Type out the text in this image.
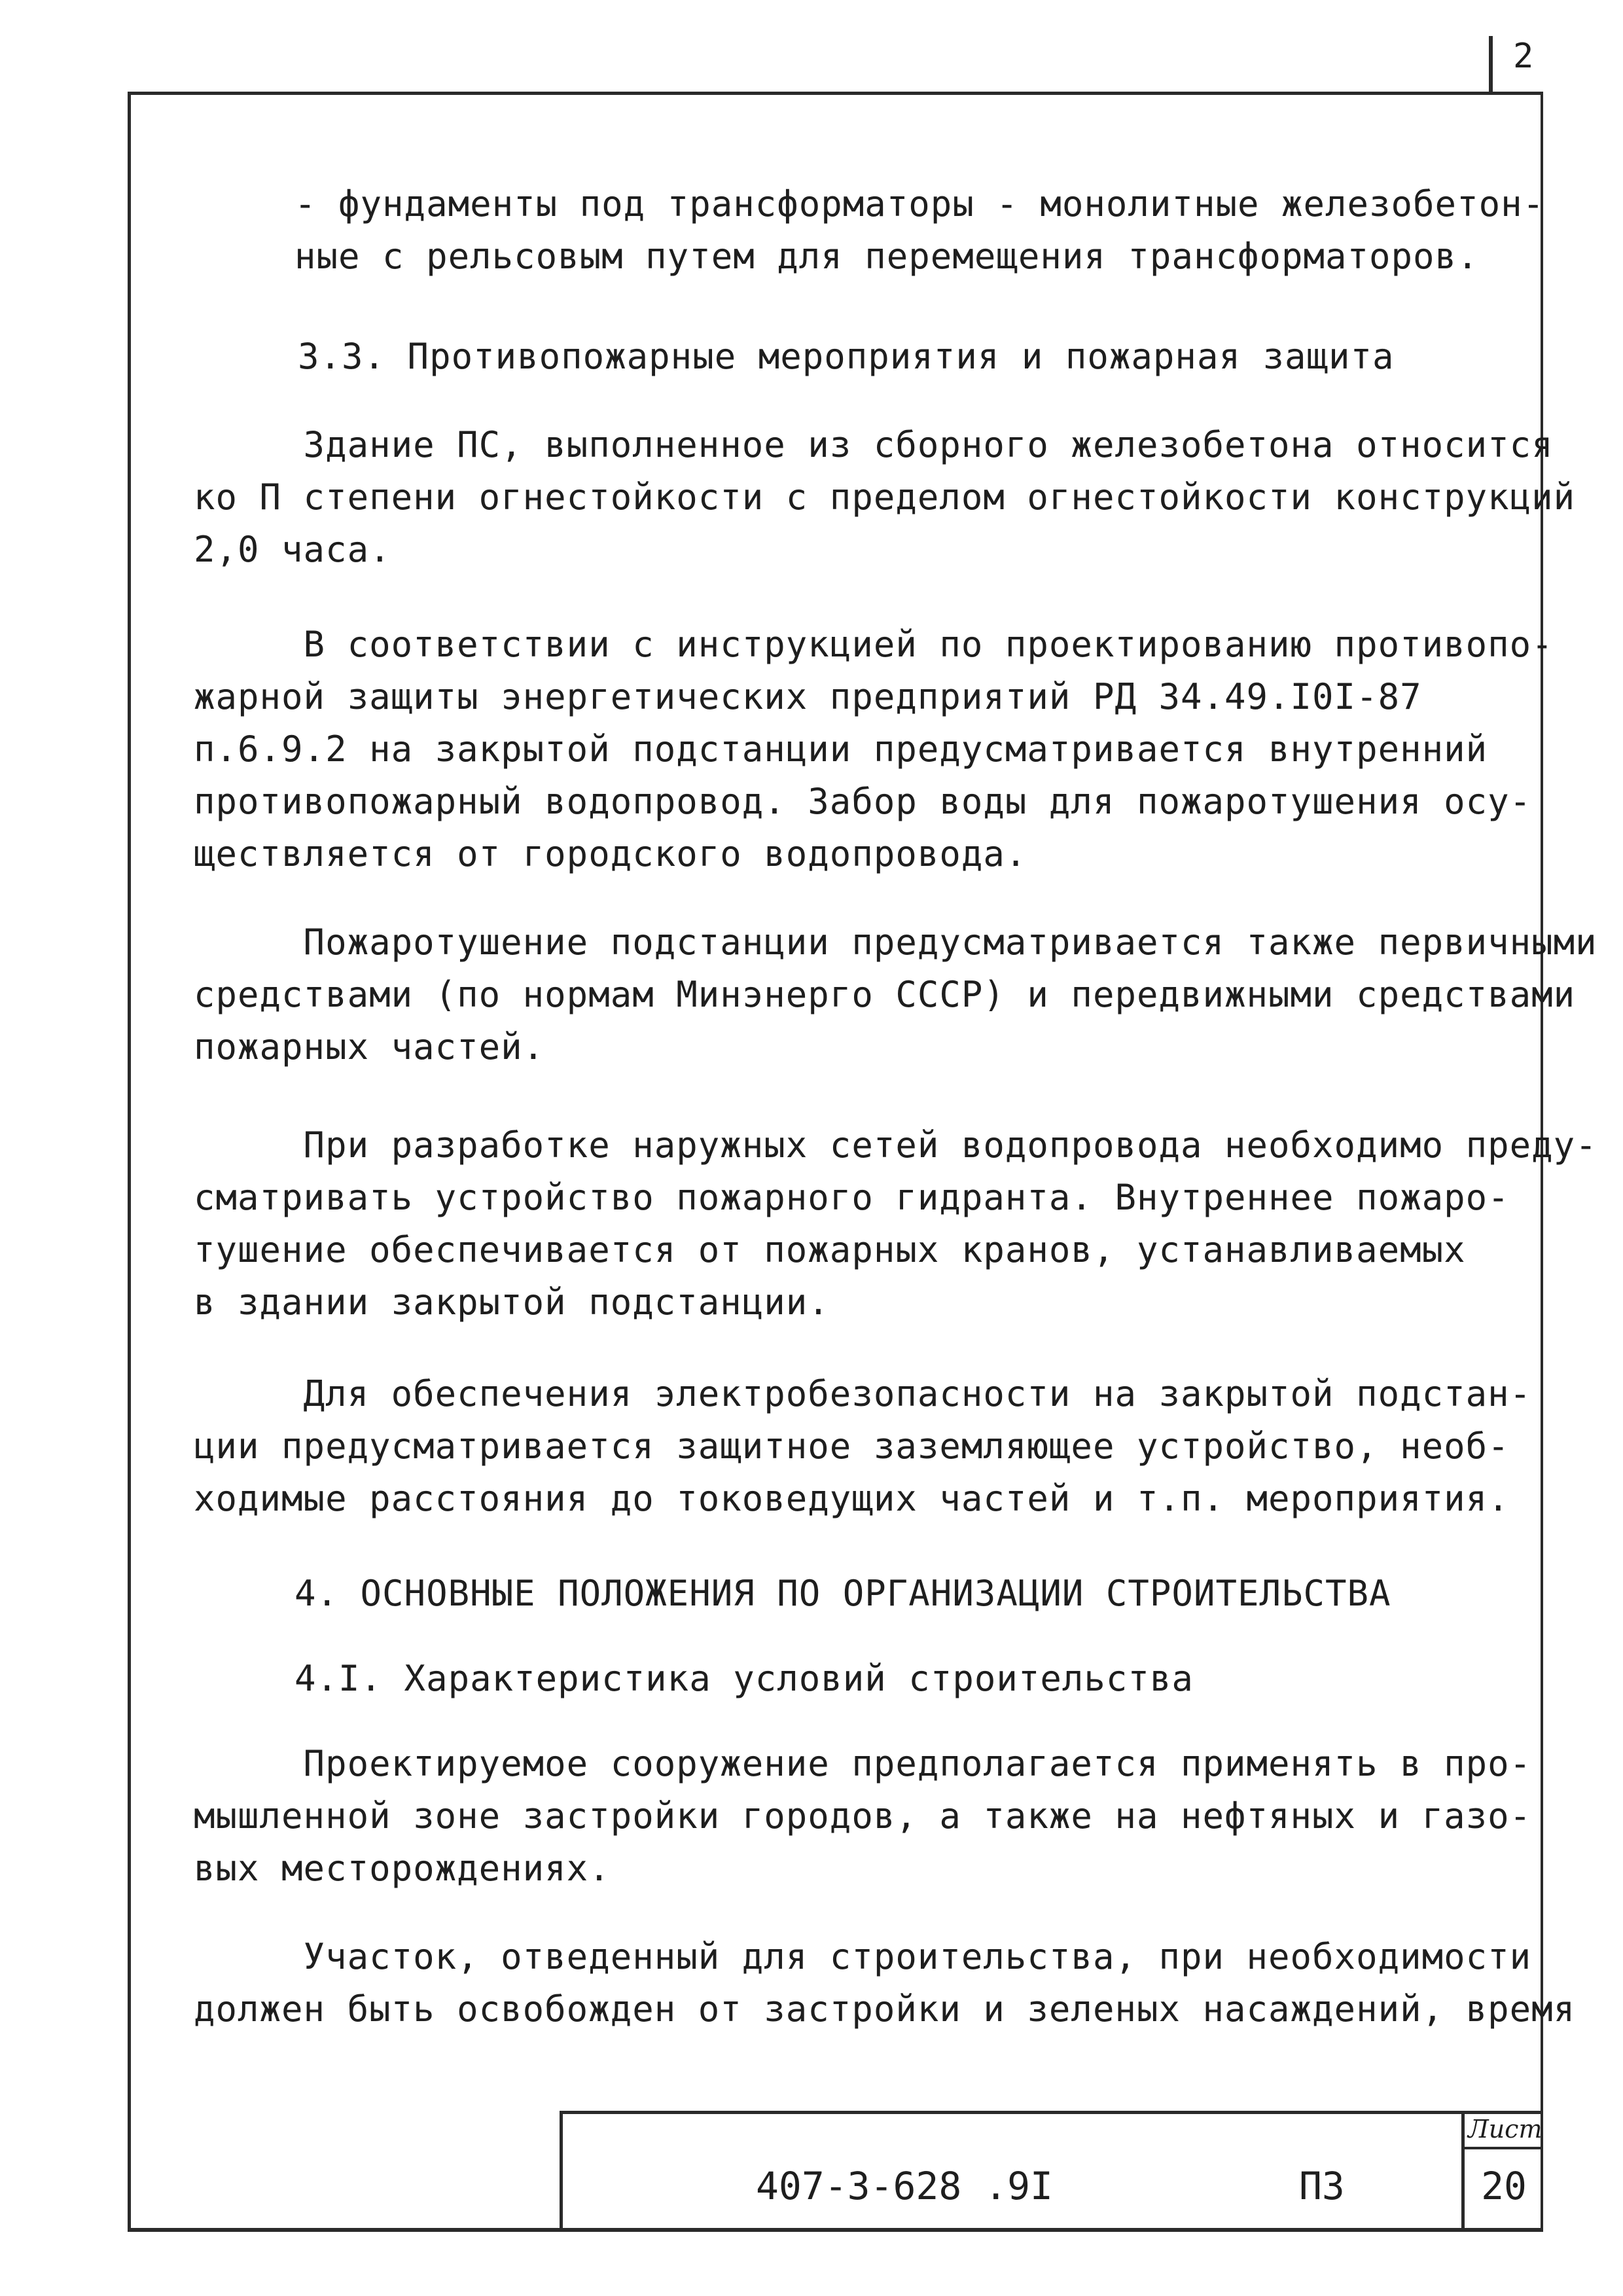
2
- фундаменты под трансформаторы - монолитные железобетон-
ные с рельсовым путем для перемещения трансформаторов.
3.3. Противопожарные мероприятия и пожарная защита
Здание ПС, выполненное из сборного железобетона относится
ко П степени огнестойкости с пределом огнестойкости конструкций
2,0 часа.
В соответствии с инструкцией по проектированию противопо-
жарной защиты энергетических предприятий РД 34.49.I0I-87
п.6.9.2 на закрытой подстанции предусматривается внутренний
противопожарный водопровод. Забор воды для пожаротушения осу-
ществляется от городского водопровода.
Пожаротушение подстанции предусматривается также первичными
средствами (по нормам Минэнерго СССР) и передвижными средствами
пожарных частей.
При разработке наружных сетей водопровода необходимо преду-
сматривать устройство пожарного гидранта. Внутреннее пожаро-
тушение обеспечивается от пожарных кранов, устанавливаемых
в здании закрытой подстанции.
Для обеспечения электробезопасности на закрытой подстан-
ции предусматривается защитное заземляющее устройство, необ-
ходимые расстояния до токоведущих частей и т.п. мероприятия.
4. ОСНОВНЫЕ ПОЛОЖЕНИЯ ПО ОРГАНИЗАЦИИ СТРОИТЕЛЬСТВА
4.I. Характеристика условий строительства
Проектируемое сооружение предполагается применять в про-
мышленной зоне застройки городов, а также на нефтяных и газо-
вых месторождениях.
Участок, отведенный для строительства, при необходимости
должен быть освобожден от застройки и зеленых насаждений, время
Лист
20
407-3-628 .9I	ПЗ
